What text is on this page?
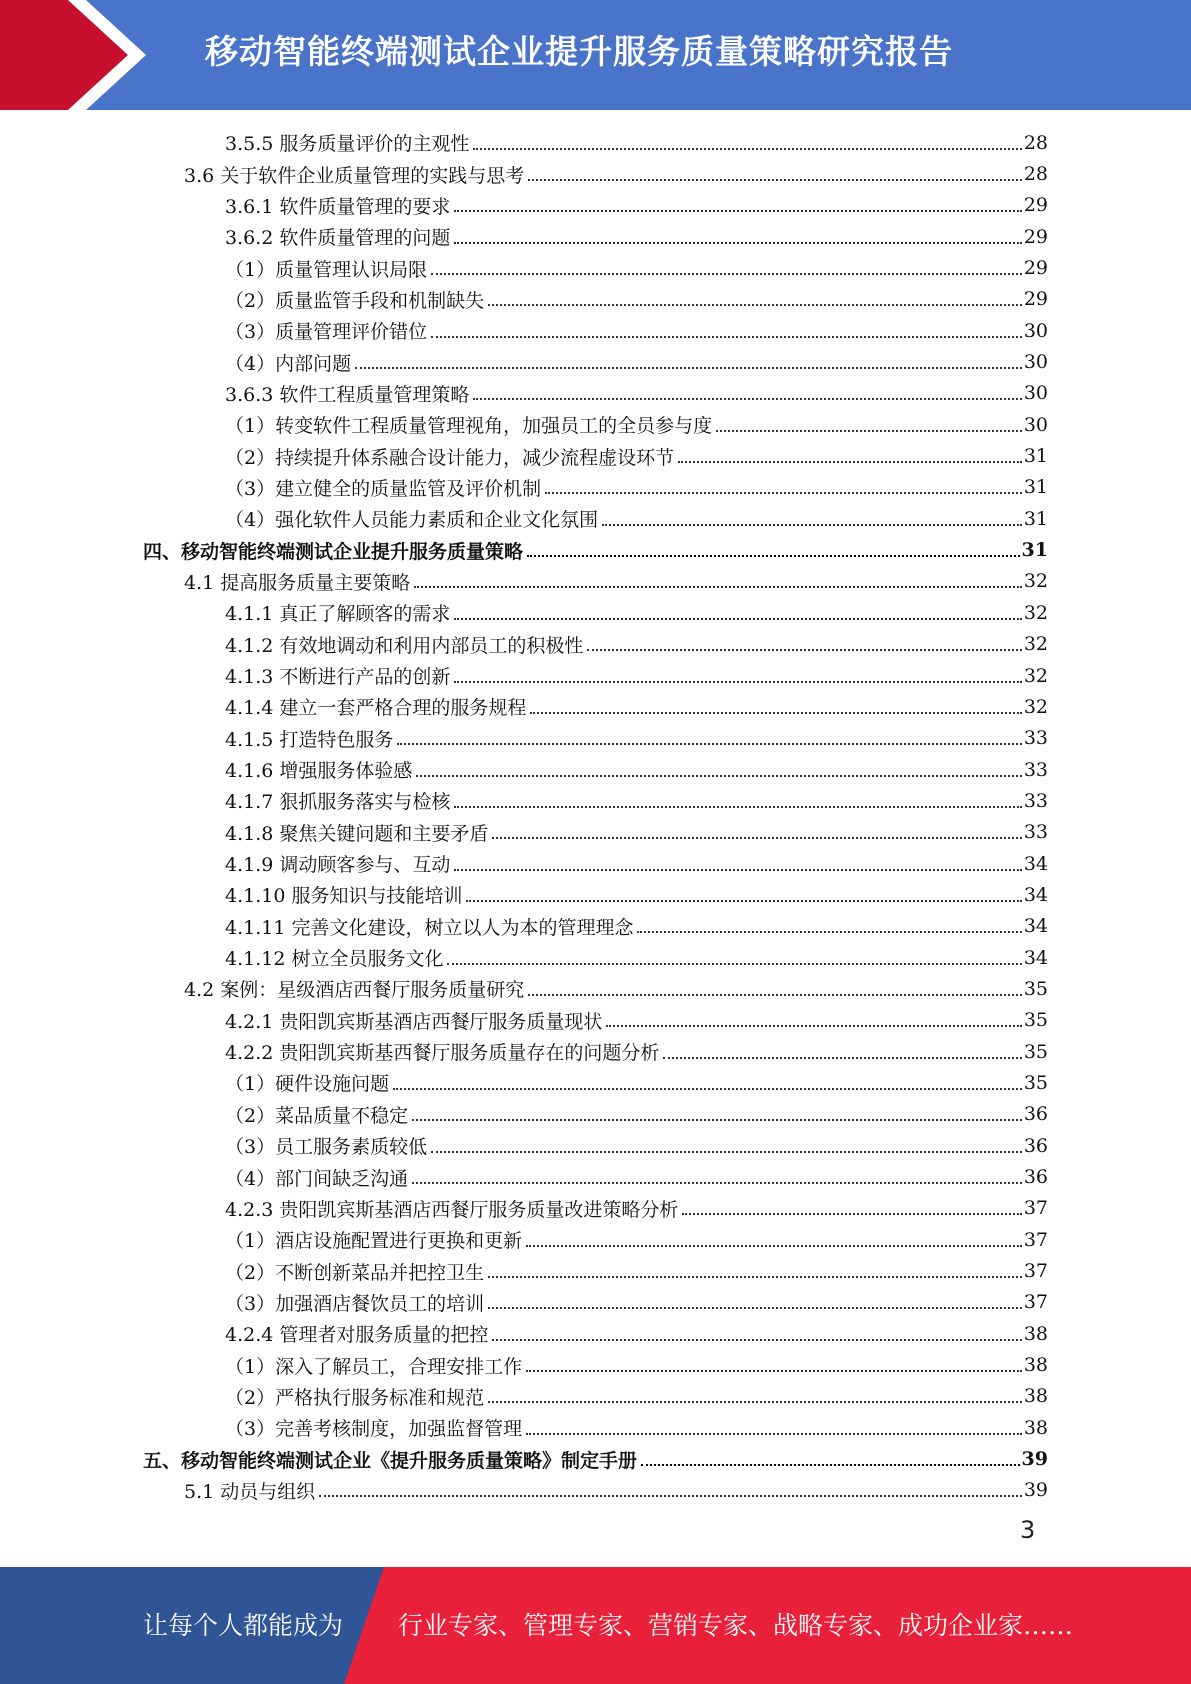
移动智能终端测试企业提升服务质量策略研究报告
3.5.5 服务质量评价的主观性	28
3.6 关于软件企业质量管理的实践与思考	28
3.6.1 软件质量管理的要求	29
3.6.2 软件质量管理的问题	29
（1）质量管理认识局限	29
（2）质量监管手段和机制缺失	29
（3）质量管理评价错位	30
（4）内部问题	30
3.6.3 软件工程质量管理策略	30
（1）转变软件工程质量管理视角，加强员工的全员参与度	30
（2）持续提升体系融合设计能力，减少流程虚设环节	31
（3）建立健全的质量监管及评价机制	31
（4）强化软件人员能力素质和企业文化氛围	31
四、移动智能终端测试企业提升服务质量策略	31
4.1 提高服务质量主要策略	32
4.1.1 真正了解顾客的需求	32
4.1.2 有效地调动和利用内部员工的积极性	32
4.1.3 不断进行产品的创新	32
4.1.4 建立一套严格合理的服务规程	32
4.1.5 打造特色服务	33
4.1.6 增强服务体验感	33
4.1.7 狠抓服务落实与检核	33
4.1.8 聚焦关键问题和主要矛盾	33
4.1.9 调动顾客参与、互动	34
4.1.10 服务知识与技能培训	34
4.1.11 完善文化建设，树立以人为本的管理理念	34
4.1.12 树立全员服务文化	34
4.2 案例：星级酒店西餐厅服务质量研究	35
4.2.1 贵阳凯宾斯基酒店西餐厅服务质量现状	35
4.2.2 贵阳凯宾斯基西餐厅服务质量存在的问题分析	35
（1）硬件设施问题	35
（2）菜品质量不稳定	36
（3）员工服务素质较低	36
（4）部门间缺乏沟通	36
4.2.3 贵阳凯宾斯基酒店西餐厅服务质量改进策略分析	37
（1）酒店设施配置进行更换和更新	37
（2）不断创新菜品并把控卫生	37
（3）加强酒店餐饮员工的培训	37
4.2.4 管理者对服务质量的把控	38
（1）深入了解员工，合理安排工作	38
（2）严格执行服务标准和规范	38
（3）完善考核制度，加强监督管理	38
五、移动智能终端测试企业《提升服务质量策略》制定手册	39
5.1 动员与组织	39
3
让每个人都能成为 行业专家、管理专家、营销专家、战略专家、成功企业家……
